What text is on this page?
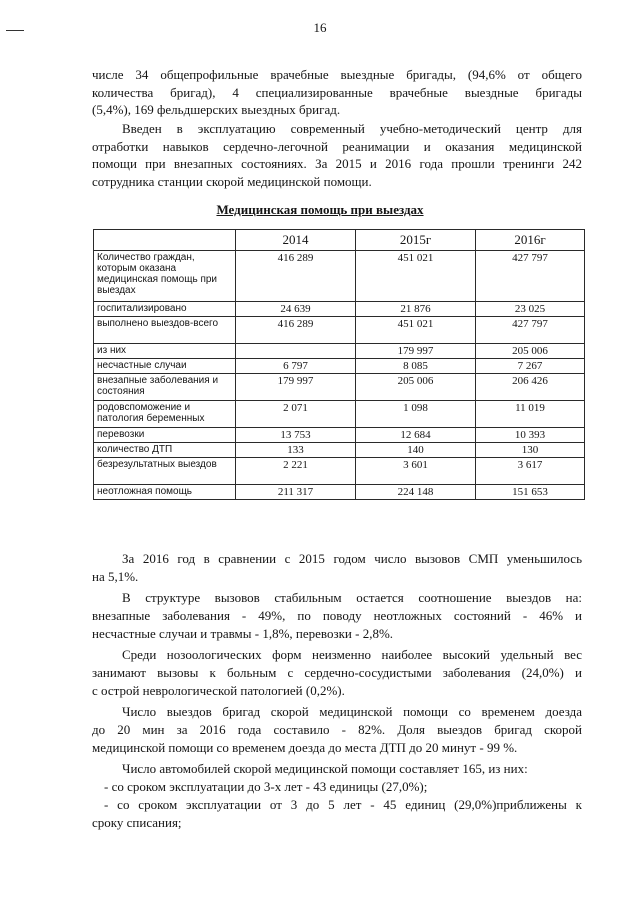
16
числе 34 общепрофильные врачебные выездные бригады, (94,6% от общего
количества бригад), 4 специализированные врачебные выездные бригады
(5,4%), 169 фельдшерских выездных бригад.
Введен в эксплуатацию современный учебно-методический центр для
отработки навыков сердечно-легочной реанимации и оказания медицинской
помощи при внезапных состояниях. За 2015 и 2016 года прошли тренинги 242
сотрудника станции скорой медицинской помощи.
Медицинская помощь при выездах
	2014	2015г	2016г
Количество граждан, которым оказана медицинская помощь при выездах	416 289	451 021	427 797
госпитализировано	24 639	21 876	23 025
выполнено выездов-всего	416 289	451 021	427 797
из них		179 997	205 006
несчастные случаи	6 797	8 085	7 267
внезапные заболевания и состояния	179 997	205 006	206 426
родовспоможение и патология беременных	2 071	1 098	11 019
перевозки	13 753	12 684	10 393
количество ДТП	133	140	130
безрезультатных выездов	2 221	3 601	3 617
неотложная помощь	211 317	224 148	151 653
За 2016 год в сравнении с 2015 годом число вызовов СМП уменьшилось
на 5,1%.
В структуре вызовов стабильным остается соотношение выездов на:
внезапные заболевания - 49%, по поводу неотложных состояний - 46% и
несчастные случаи и травмы - 1,8%, перевозки - 2,8%.
Среди нозоологических форм неизменно наиболее высокий удельный вес
занимают вызовы к больным с сердечно-сосудистыми заболевания (24,0%) и
с острой неврологической патологией (0,2%).
Число выездов бригад скорой медицинской помощи со временем доезда
до 20 мин за 2016 года составило - 82%. Доля выездов бригад скорой
медицинской помощи со временем доезда до места ДТП до 20 минут - 99 %.
Число автомобилей скорой медицинской помощи составляет 165, из них:
- со сроком эксплуатации до 3-х лет - 43 единицы (27,0%);
- со сроком эксплуатации от 3 до 5 лет - 45 единиц (29,0%)приближены к
сроку списания;
